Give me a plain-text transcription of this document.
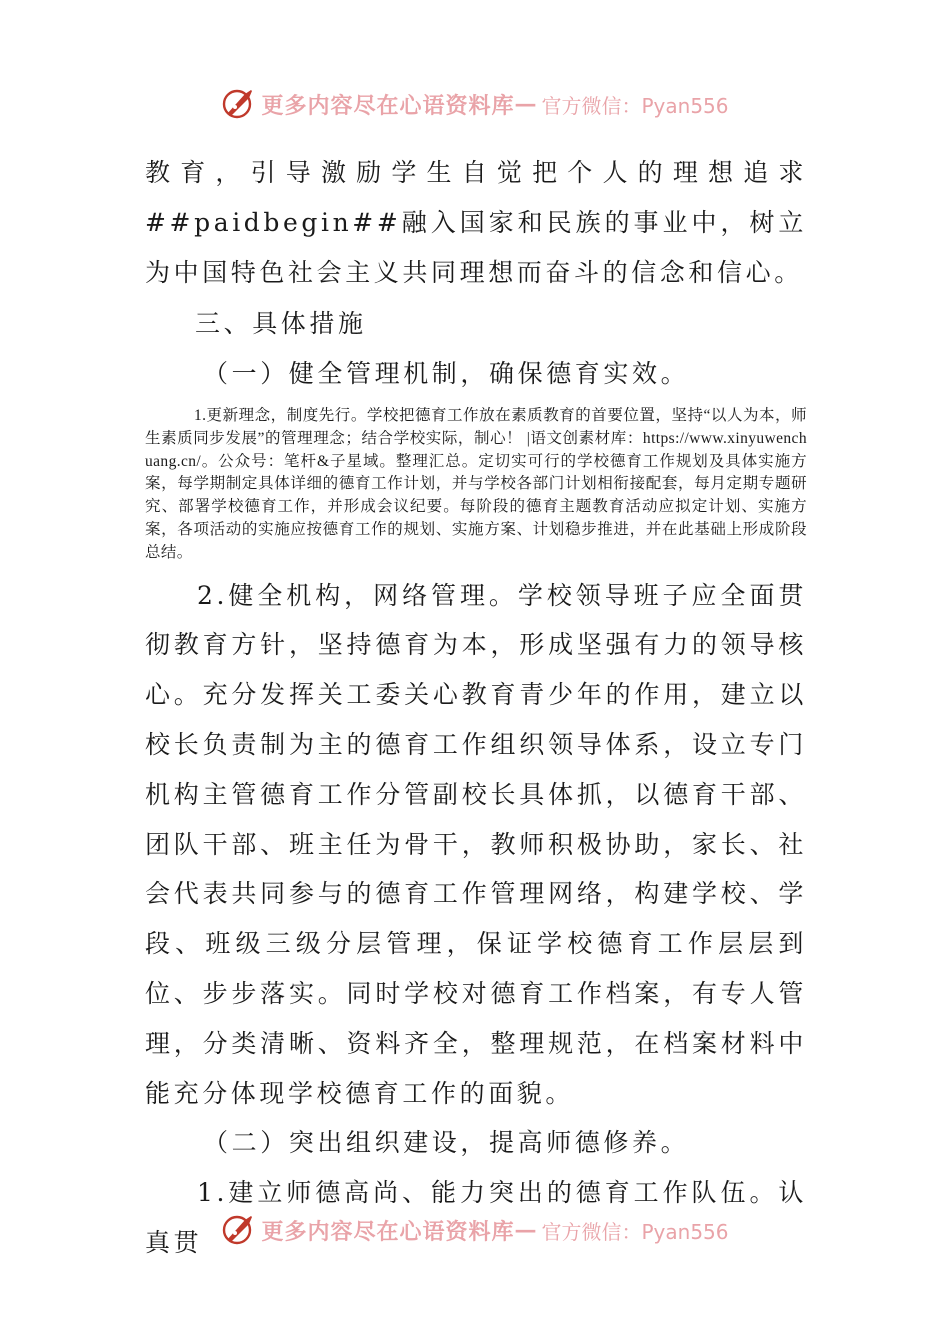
更多内容尽在心语资料库 — 官方微信：Pyan556

教育，引导激励学生自觉把个人的理想追求##paidbegin##融入国家和民族的事业中，树立为中国特色社会主义共同理想而奋斗的信念和信心。

三、具体措施

（一）健全管理机制，确保德育实效。

1.更新理念，制度先行。学校把德育工作放在素质教育的首要位置，坚持“以人为本，师生素质同步发展”的管理理念；结合学校实际，制心！ |语文创素材库：https://www.xinyuwenchuang.cn/。公众号：笔杆&子星域。整理汇总。定切实可行的学校德育工作规划及具体实施方案，每学期制定具体详细的德育工作计划，并与学校各部门计划相衔接配套，每月定期专题研究、部署学校德育工作，并形成会议纪要。每阶段的德育主题教育活动应拟定计划、实施方案，各项活动的实施应按德育工作的规划、实施方案、计划稳步推进，并在此基础上形成阶段总结。

2.健全机构，网络管理。学校领导班子应全面贯彻教育方针，坚持德育为本，形成坚强有力的领导核心。充分发挥关工委关心教育青少年的作用，建立以校长负责制为主的德育工作组织领导体系，设立专门机构主管德育工作分管副校长具体抓，以德育干部、团队干部、班主任为骨干，教师积极协助，家长、社会代表共同参与的德育工作管理网络，构建学校、学段、班级三级分层管理，保证学校德育工作层层到位、步步落实。同时学校对德育工作档案，有专人管理，分类清晰、资料齐全，整理规范，在档案材料中能充分体现学校德育工作的面貌。

（二）突出组织建设，提高师德修养。

1.建立师德高尚、能力突出的德育工作队伍。认真贯	更多内容尽在心语资料库 — 官方微信：Pyan556
